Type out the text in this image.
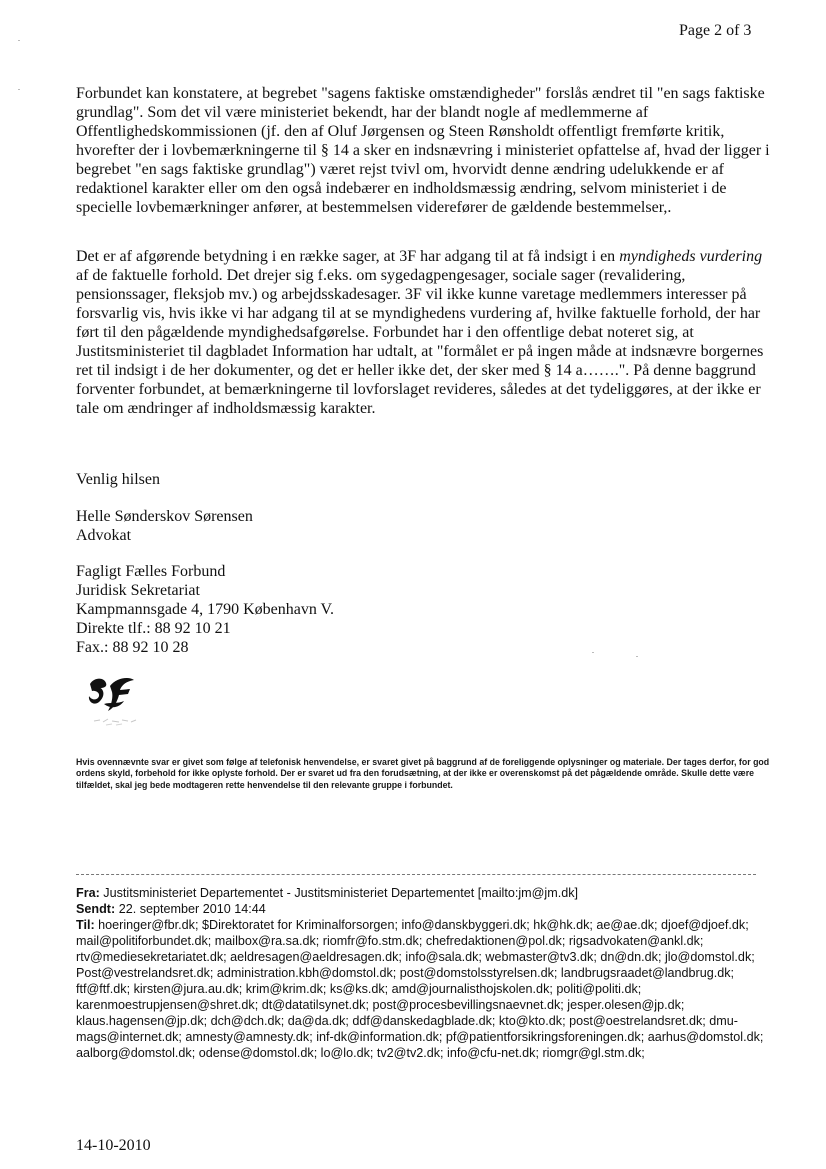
Page 2 of 3

Forbundet kan konstatere, at begrebet "sagens faktiske omstændigheder" forslås ændret til "en sags faktiske grundlag". Som det vil være ministeriet bekendt, har der blandt nogle af medlemmerne af Offentlighedskommissionen (jf. den af Oluf Jørgensen og Steen Rønsholdt offentligt fremførte kritik, hvorefter der i lovbemærkningerne til § 14 a sker en indsnævring i ministeriet opfattelse af, hvad der ligger i begrebet "en sags faktiske grundlag") været rejst tvivl om, hvorvidt denne ændring udelukkende er af redaktionel karakter eller om den også indebærer en indholdsmæssig ændring, selvom ministeriet i de specielle lovbemærkninger anfører, at bestemmelsen viderefører de gældende bestemmelser,.

Det er af afgørende betydning i en række sager, at 3F har adgang til at få indsigt i en myndigheds vurdering af de faktuelle forhold. Det drejer sig f.eks. om sygedagpengesager, sociale sager (revalidering, pensionssager, fleksjob mv.) og arbejdsskadesager. 3F vil ikke kunne varetage medlemmers interesser på forsvarlig vis, hvis ikke vi har adgang til at se myndighedens vurdering af, hvilke faktuelle forhold, der har ført til den pågældende myndighedsafgørelse. Forbundet har i den offentlige debat noteret sig, at Justitsministeriet til dagbladet Information har udtalt, at "formålet er på ingen måde at indsnævre borgernes ret til indsigt i de her dokumenter, og det er heller ikke det, der sker med § 14 a…….". På denne baggrund forventer forbundet, at bemærkningerne til lovforslaget revideres, således at det tydeliggøres, at der ikke er tale om ændringer af indholdsmæssig karakter.

Venlig hilsen
Helle Sønderskov Sørensen
Advokat
Fagligt Fælles Forbund
Juridisk Sekretariat
Kampmannsgade 4, 1790 København V.
Direkte tlf.: 88 92 10 21
Fax.: 88 92 10 28

Hvis ovennævnte svar er givet som følge af telefonisk henvendelse, er svaret givet på baggrund af de foreliggende oplysninger og materiale. Der tages derfor, for god ordens skyld, forbehold for ikke oplyste forhold. Der er svaret ud fra den forudsætning, at der ikke er overenskomst på det pågældende område. Skulle dette være tilfældet, skal jeg bede modtageren rette henvendelse til den relevante gruppe i forbundet.

Fra: Justitsministeriet Departementet - Justitsministeriet Departementet [mailto:jm@jm.dk]
Sendt: 22. september 2010 14:44
Til: hoeringer@fbr.dk; $Direktoratet for Kriminalforsorgen; info@danskbyggeri.dk; hk@hk.dk; ae@ae.dk; djoef@djoef.dk; mail@politiforbundet.dk; mailbox@ra.sa.dk; riomfr@fo.stm.dk; chefredaktionen@pol.dk; rigsadvokaten@ankl.dk; rtv@mediesekretariatet.dk; aeldresagen@aeldresagen.dk; info@sala.dk; webmaster@tv3.dk; dn@dn.dk; jlo@domstol.dk; Post@vestrelandsret.dk; administration.kbh@domstol.dk; post@domstolsstyrelsen.dk; landbrugsraadet@landbrug.dk; ftf@ftf.dk; kirsten@jura.au.dk; krim@krim.dk; ks@ks.dk; amd@journalisthojskolen.dk; politi@politi.dk; karenmoestrupjensen@shret.dk; dt@datatilsynet.dk; post@procesbevillingsnaevnet.dk; jesper.olesen@jp.dk; klaus.hagensen@jp.dk; dch@dch.dk; da@da.dk; ddf@danskedagblade.dk; kto@kto.dk; post@oestrelandsret.dk; dmu-mags@internet.dk; amnesty@amnesty.dk; inf-dk@information.dk; pf@patientforsikringsforeningen.dk; aarhus@domstol.dk; aalborg@domstol.dk; odense@domstol.dk; lo@lo.dk; tv2@tv2.dk; info@cfu-net.dk; riomgr@gl.stm.dk;
14-10-2010
